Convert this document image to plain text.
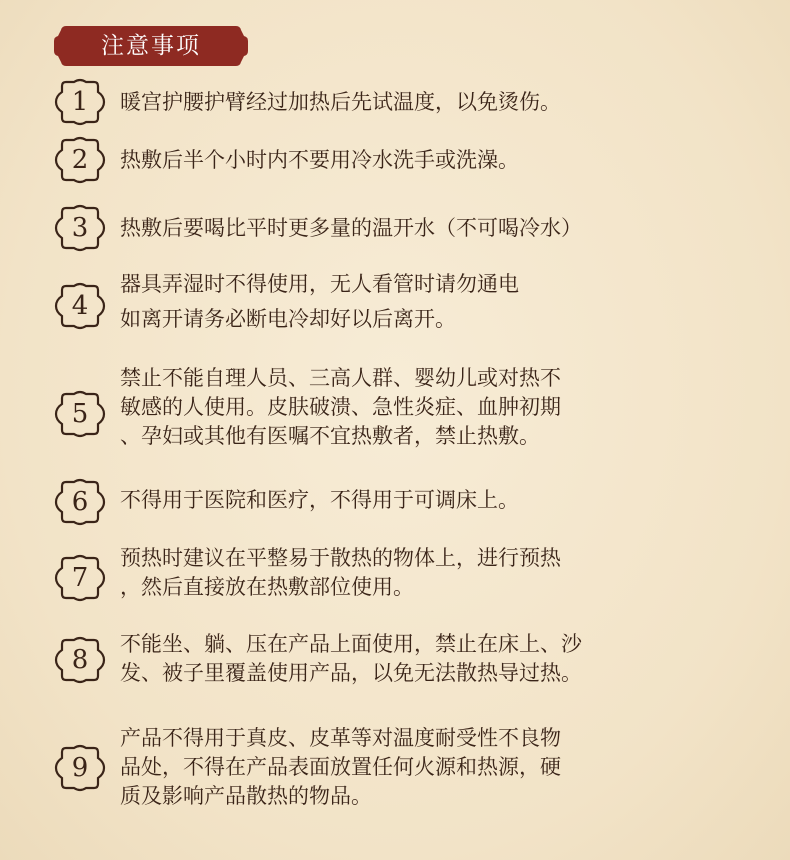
注意事项
1	暖宫护腰护臂经过加热后先试温度，以免烫伤。
2	热敷后半个小时内不要用冷水洗手或洗澡。
3	热敷后要喝比平时更多量的温开水（不可喝冷水）
4
器具弄湿时不得使用，无人看管时请勿通电
如离开请务必断电冷却好以后离开。
5
禁止不能自理人员、三高人群、婴幼儿或对热不
敏感的人使用。皮肤破溃、急性炎症、血肿初期
、孕妇或其他有医嘱不宜热敷者，禁止热敷。
6	不得用于医院和医疗，不得用于可调床上。
7
预热时建议在平整易于散热的物体上，进行预热
，然后直接放在热敷部位使用。
8
不能坐、躺、压在产品上面使用，禁止在床上、沙
发、被子里覆盖使用产品，以免无法散热导过热。
9
产品不得用于真皮、皮革等对温度耐受性不良物
品处，不得在产品表面放置任何火源和热源，硬
质及影响产品散热的物品。
